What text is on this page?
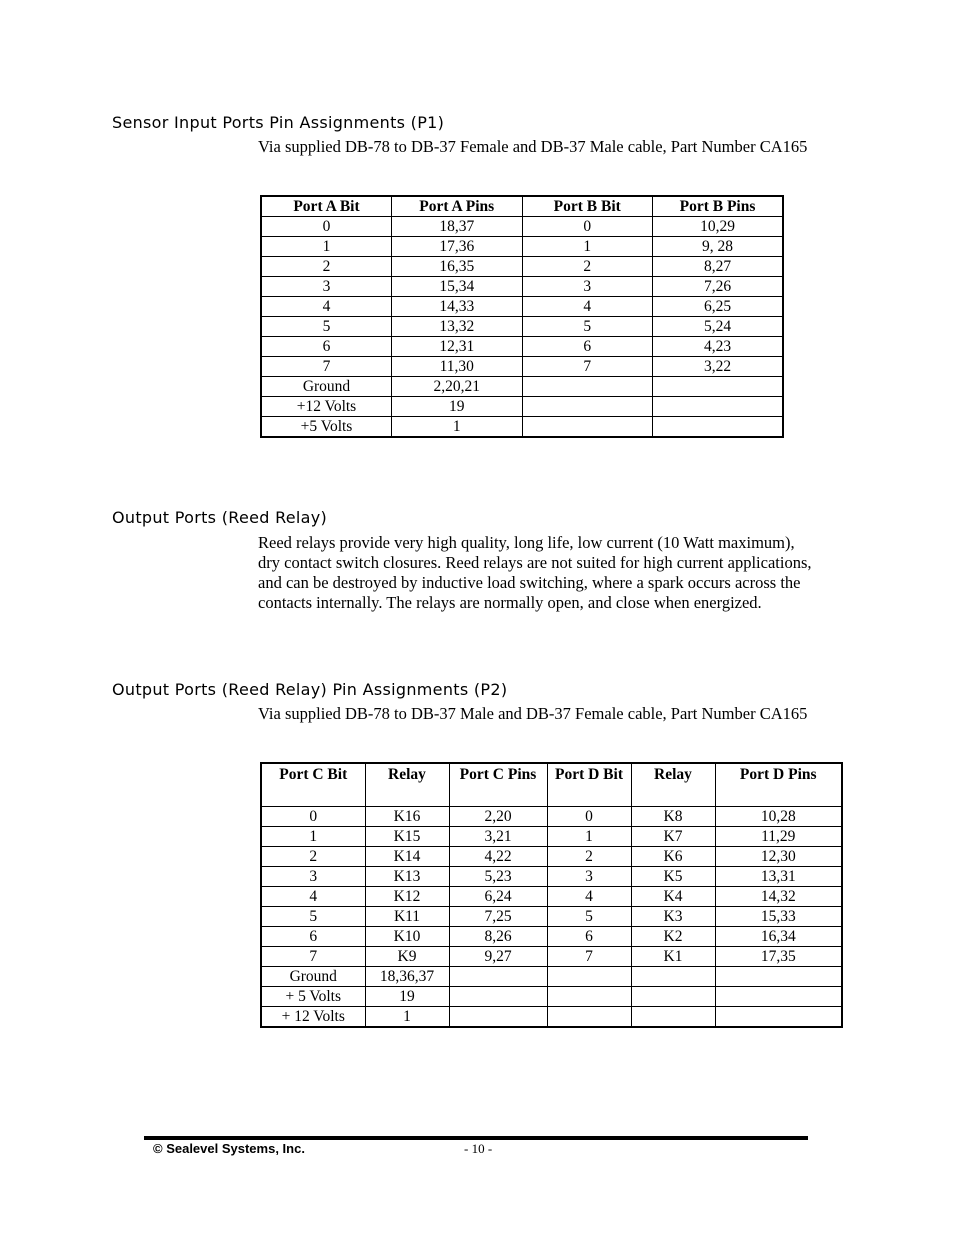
Sensor Input Ports Pin Assignments (P1)

Via supplied DB-78 to DB-37 Female and DB-37 Male cable, Part Number CA165

Port A Bit	Port A Pins	Port B Bit	Port B Pins
0	18,37	0	10,29
1	17,36	1	9, 28
2	16,35	2	8,27
3	15,34	3	7,26
4	14,33	4	6,25
5	13,32	5	5,24
6	12,31	6	4,23
7	11,30	7	3,22
Ground	2,20,21		
+12 Volts	19		
+5 Volts	1		
Output Ports (Reed Relay)
Reed relays provide very high quality, long life, low current (10 Watt maximum),
dry contact switch closures. Reed relays are not suited for high current applications,
and can be destroyed by inductive load switching, where a spark occurs across the
contacts internally. The relays are normally open, and close when energized.
Output Ports (Reed Relay) Pin Assignments (P2)

Via supplied DB-78 to DB-37 Male and DB-37 Female cable, Part Number CA165

Port C Bit	Relay	Port C Pins	Port D Bit	Relay	Port D Pins
0	K16	2,20	0	K8	10,28
1	K15	3,21	1	K7	11,29
2	K14	4,22	2	K6	12,30
3	K13	5,23	3	K5	13,31
4	K12	6,24	4	K4	14,32
5	K11	7,25	5	K3	15,33
6	K10	8,26	6	K2	16,34
7	K9	9,27	7	K1	17,35
Ground	18,36,37				
+ 5 Volts	19				
+ 12 Volts	1				
© Sealevel Systems, Inc.	- 10 -
